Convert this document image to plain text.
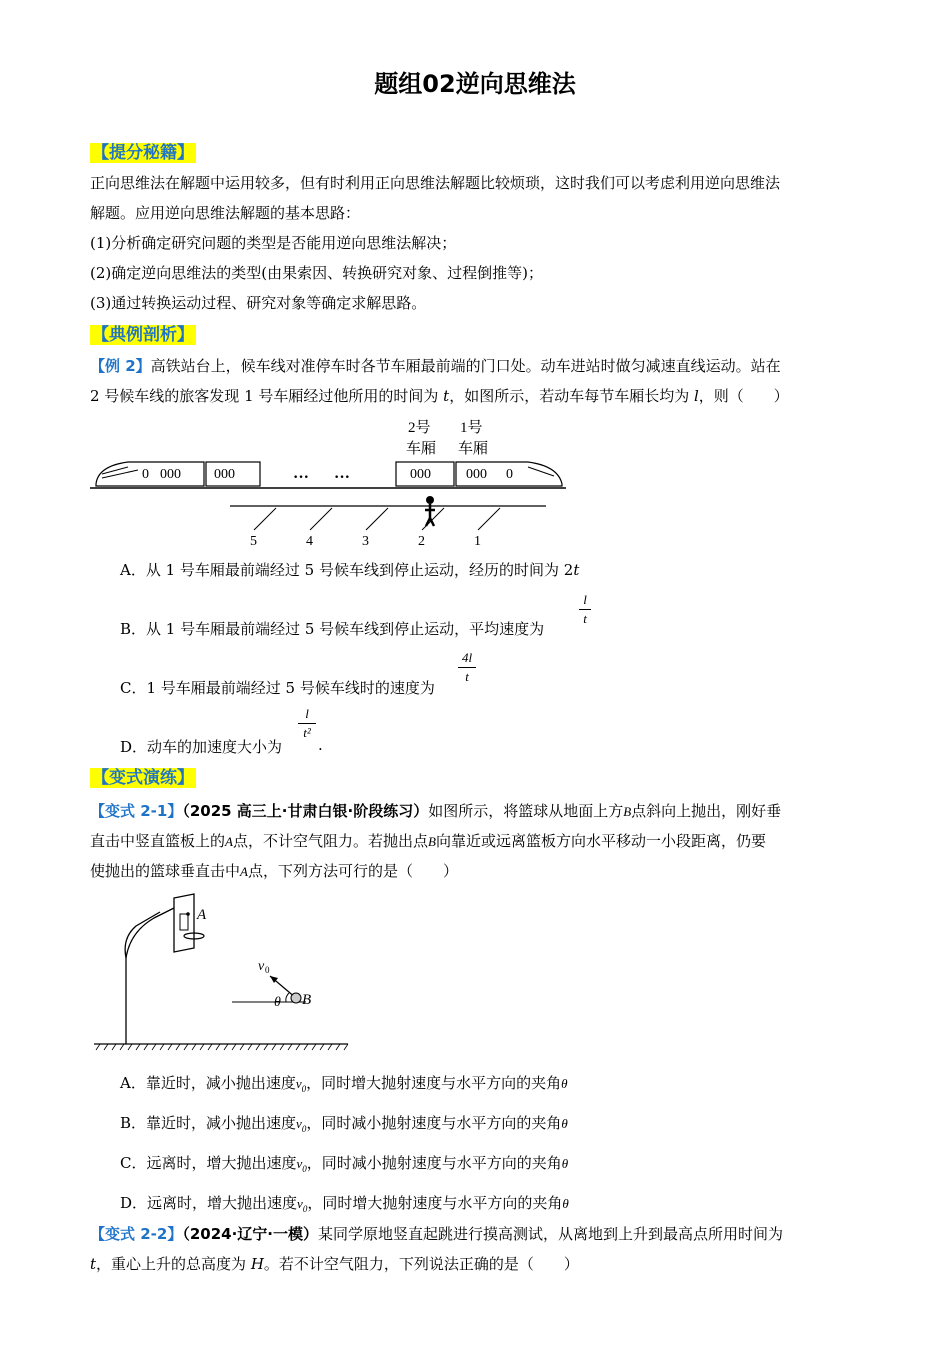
题组02逆向思维法
【提分秘籍】
正向思维法在解题中运用较多，但有时利用正向思维法解题比较烦琐，这时我们可以考虑利用逆向思维法
解题。应用逆向思维法解题的基本思路：
(1)分析确定研究问题的类型是否能用逆向思维法解决；
(2)确定逆向思维法的类型(由果索因、转换研究对象、过程倒推等)；
(3)通过转换运动过程、研究对象等确定求解思路。
【典例剖析】
【例 2】高铁站台上，候车线对准停车时各节车厢最前端的门口处。动车进站时做匀减速直线运动。站在
2 号候车线的旅客发现 1 号车厢经过他所用的时间为 t，如图所示，若动车每节车厢长均为 l，则（　　）
2号
车厢
1号
车厢
0 000 000	··· ···	000	000 0
5	4	3	2	1
A．从 1 号车厢最前端经过 5 号候车线到停止运动，经历的时间为 2t
B．从 1 号车厢最前端经过 5 号候车线到停止运动，平均速度为
l
t
C．1 号车厢最前端经过 5 号候车线时的速度为
4l
t
D．动车的加速度大小为
l
t²
.
【变式演练】
【变式 2-1】（2025 高三上·甘肃白银·阶段练习）如图所示，将篮球从地面上方B点斜向上抛出，刚好垂
直击中竖直篮板上的A点，不计空气阻力。若抛出点B向靠近或远离篮板方向水平移动一小段距离，仍要
使抛出的篮球垂直击中A点，下列方法可行的是（　　）
A
v 0
θ B
A．靠近时，减小抛出速度$v_0$，同时增大抛射速度与水平方向的夹角θ
B．靠近时，减小抛出速度$v_0$，同时减小抛射速度与水平方向的夹角θ
C．远离时，增大抛出速度$v_0$，同时减小抛射速度与水平方向的夹角θ
D．远离时，增大抛出速度$v_0$，同时增大抛射速度与水平方向的夹角θ
【变式 2-2】（2024·辽宁·一模）某同学原地竖直起跳进行摸高测试，从离地到上升到最高点所用时间为
t，重心上升的总高度为 H。若不计空气阻力，下列说法正确的是（　　）
